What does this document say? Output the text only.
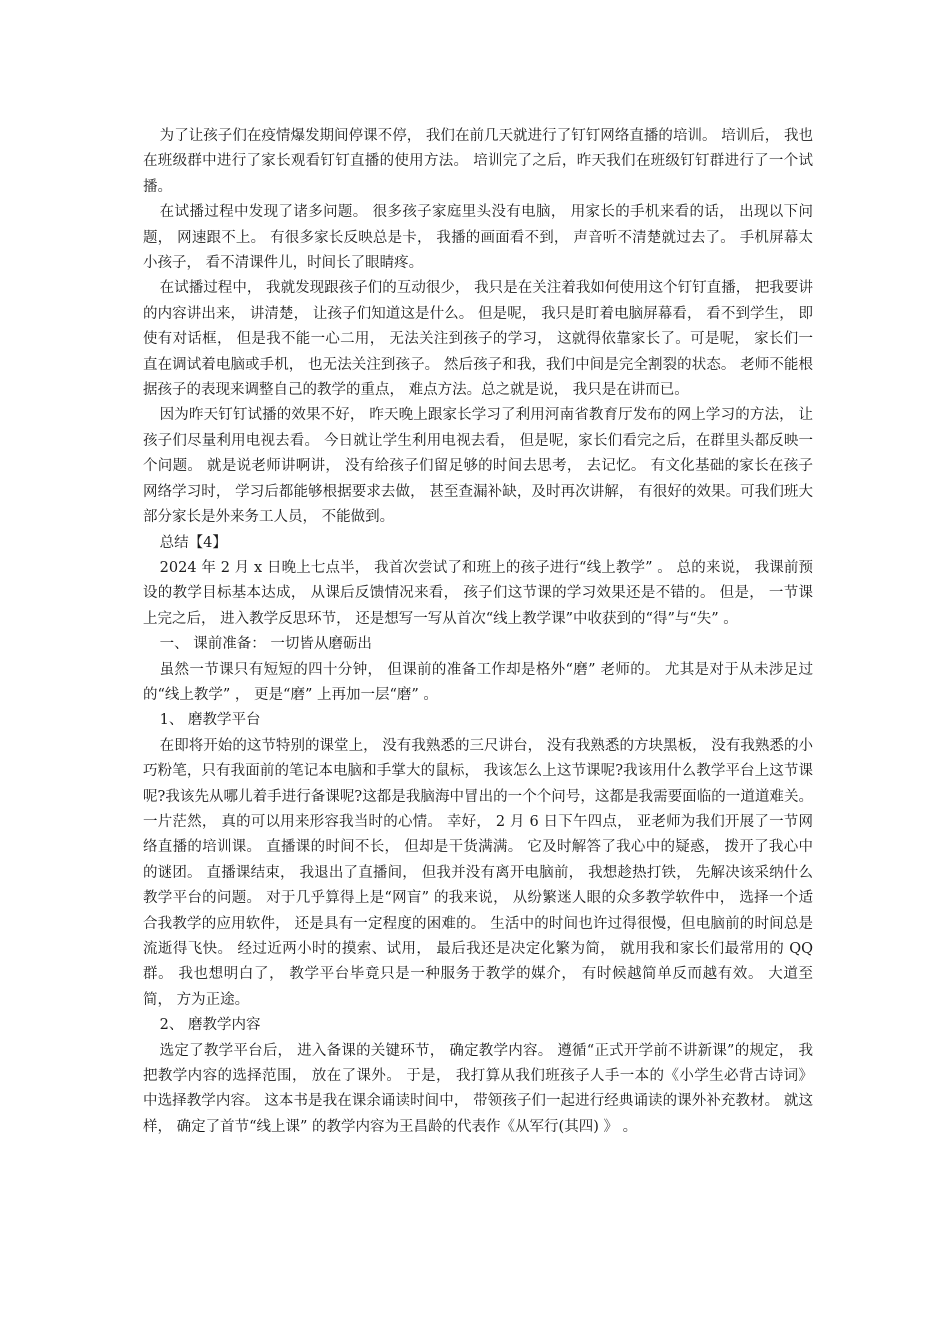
为了让孩子们在疫情爆发期间停课不停， 我们在前几天就进行了钉钉网络直播的培训。 培训后， 我也在班级群中进行了家长观看钉钉直播的使用方法。 培训完了之后，昨天我们在班级钉钉群进行了一个试播。

在试播过程中发现了诸多问题。 很多孩子家庭里头没有电脑， 用家长的手机来看的话， 出现以下问题， 网速跟不上。 有很多家长反映总是卡， 我播的画面看不到， 声音听不清楚就过去了。 手机屏幕太小孩子， 看不清课件儿，时间长了眼睛疼。

在试播过程中， 我就发现跟孩子们的互动很少， 我只是在关注着我如何使用这个钉钉直播， 把我要讲的内容讲出来， 讲清楚， 让孩子们知道这是什么。 但是呢， 我只是盯着电脑屏幕看， 看不到学生， 即使有对话框， 但是我不能一心二用， 无法关注到孩子的学习， 这就得依靠家长了。可是呢， 家长们一直在调试着电脑或手机， 也无法关注到孩子。 然后孩子和我，我们中间是完全割裂的状态。 老师不能根据孩子的表现来调整自己的教学的重点， 难点方法。总之就是说， 我只是在讲而已。

因为昨天钉钉试播的效果不好， 昨天晚上跟家长学习了利用河南省教育厅发布的网上学习的方法， 让孩子们尽量利用电视去看。 今日就让学生利用电视去看， 但是呢，家长们看完之后，在群里头都反映一个问题。 就是说老师讲啊讲， 没有给孩子们留足够的时间去思考， 去记忆。 有文化基础的家长在孩子网络学习时， 学习后都能够根据要求去做， 甚至查漏补缺，及时再次讲解， 有很好的效果。可我们班大部分家长是外来务工人员， 不能做到。

总结【4】

2024 年 2 月 x 日晚上七点半， 我首次尝试了和班上的孩子进行“线上教学” 。 总的来说， 我课前预设的教学目标基本达成， 从课后反馈情况来看， 孩子们这节课的学习效果还是不错的。 但是， 一节课上完之后， 进入教学反思环节， 还是想写一写从首次“线上教学课”中收获到的“得”与“失” 。

一、 课前准备： 一切皆从磨砺出

虽然一节课只有短短的四十分钟， 但课前的准备工作却是格外“磨” 老师的。 尤其是对于从未涉足过的“线上教学” ， 更是“磨” 上再加一层“磨” 。

1、 磨教学平台

在即将开始的这节特别的课堂上， 没有我熟悉的三尺讲台， 没有我熟悉的方块黑板， 没有我熟悉的小巧粉笔，只有我面前的笔记本电脑和手掌大的鼠标， 我该怎么上这节课呢?我该用什么教学平台上这节课呢?我该先从哪儿着手进行备课呢?这都是我脑海中冒出的一个个问号，这都是我需要面临的一道道难关。 一片茫然， 真的可以用来形容我当时的心情。 幸好， 2 月 6 日下午四点， 亚老师为我们开展了一节网络直播的培训课。 直播课的时间不长， 但却是干货满满。 它及时解答了我心中的疑惑， 拨开了我心中的谜团。 直播课结束， 我退出了直播间， 但我并没有离开电脑前， 我想趁热打铁， 先解决该采纳什么教学平台的问题。 对于几乎算得上是“网盲” 的我来说， 从纷繁迷人眼的众多教学软件中， 选择一个适合我教学的应用软件， 还是具有一定程度的困难的。 生活中的时间也许过得很慢，但电脑前的时间总是流逝得飞快。 经过近两小时的摸索、试用， 最后我还是决定化繁为简， 就用我和家长们最常用的 QQ 群。 我也想明白了， 教学平台毕竟只是一种服务于教学的媒介， 有时候越简单反而越有效。 大道至简， 方为正途。

2、 磨教学内容

选定了教学平台后， 进入备课的关键环节， 确定教学内容。 遵循“正式开学前不讲新课”的规定， 我把教学内容的选择范围， 放在了课外。 于是， 我打算从我们班孩子人手一本的《小学生必背古诗词》 中选择教学内容。 这本书是我在课余诵读时间中， 带领孩子们一起进行经典诵读的课外补充教材。 就这样， 确定了首节“线上课” 的教学内容为王昌龄的代表作《从军行(其四) 》 。
